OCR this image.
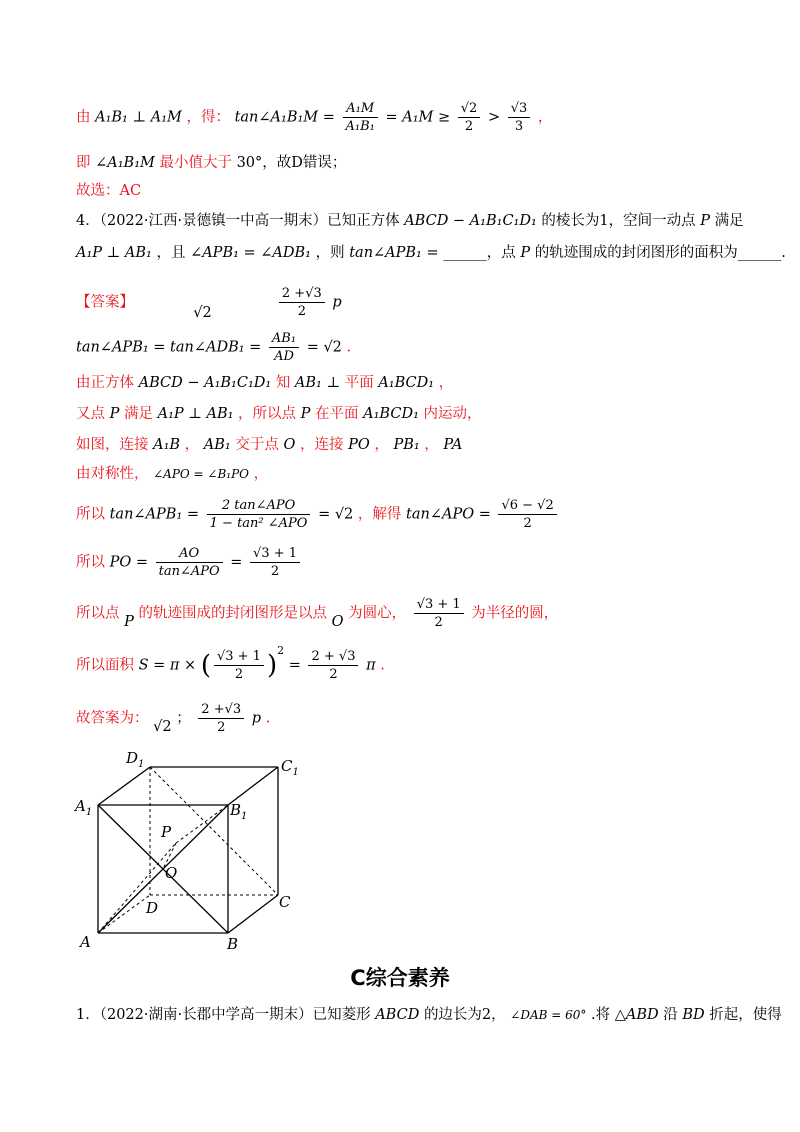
由 A₁B₁ ⊥ A₁M ，得： tan∠A₁B₁M = $\frac{\text{A₁M}}{\text{A₁B₁}} = A_1M \ge \frac{√2}{2} > \frac{√3}{3}$ ，
即 ∠A₁B₁M 最小值大于 30°，故D错误；
故选：AC
4．（2022·江西·景德镇一中高一期末）已知正方体 ABCD − A₁B₁C₁D₁ 的棱长为1，空间一动点 P 满足
A₁P ⊥ AB₁ ，且 ∠APB₁ = ∠ADB₁ ，则 tan∠APB₁ = ______，点 P 的轨迹围成的封闭图形的面积为______.
【答案】  √2	$\frac{2 +√3}{2}$ p
tan∠APB₁ = tan∠ADB₁ = $\frac{\text{AB₁}}{AD} = √2$ .
由正方体 ABCD − A₁B₁C₁D₁ 知 AB₁ ⊥ 平面 A₁BCD₁ ，
又点 P 满足 A₁P ⊥ AB₁ ，所以点 P 在平面 A₁BCD₁ 内运动，
如图，连接 A₁B ， AB₁ 交于点 O ，连接 PO ， PB₁ ， PA
由对称性， ∠APO = ∠B₁PO ，
所以 tan∠APB₁ =
2 tan∠APO
1 − tan² ∠APO
= √2 ，解得 tan∠APO = $\frac{√6 - √2}{2}$
所以 PO =
AO
tan∠APO
= $\frac{√3 + 1}{2}$
所以点 P 的轨迹围成的封闭图形是以点 O 为圆心， $\frac{√3 + 1}{2}$ 为半径的圆，
所以面积 S = π × ( $\frac{√3 + 1}{2} )^2 = \frac{2 + √3}{2}$ π .
故答案为： √2 ； $\frac{2 +√3}{2}$ p .
$D_1$	$C_1$
$A_1$	$B_1$
P
O
D	C
A	B
C综合素养
1．（2022·湖南·长郡中学高一期末）已知菱形 ABCD 的边长为2， ∠DAB = 60° .将 △ABD 沿 BD 折起，使得
